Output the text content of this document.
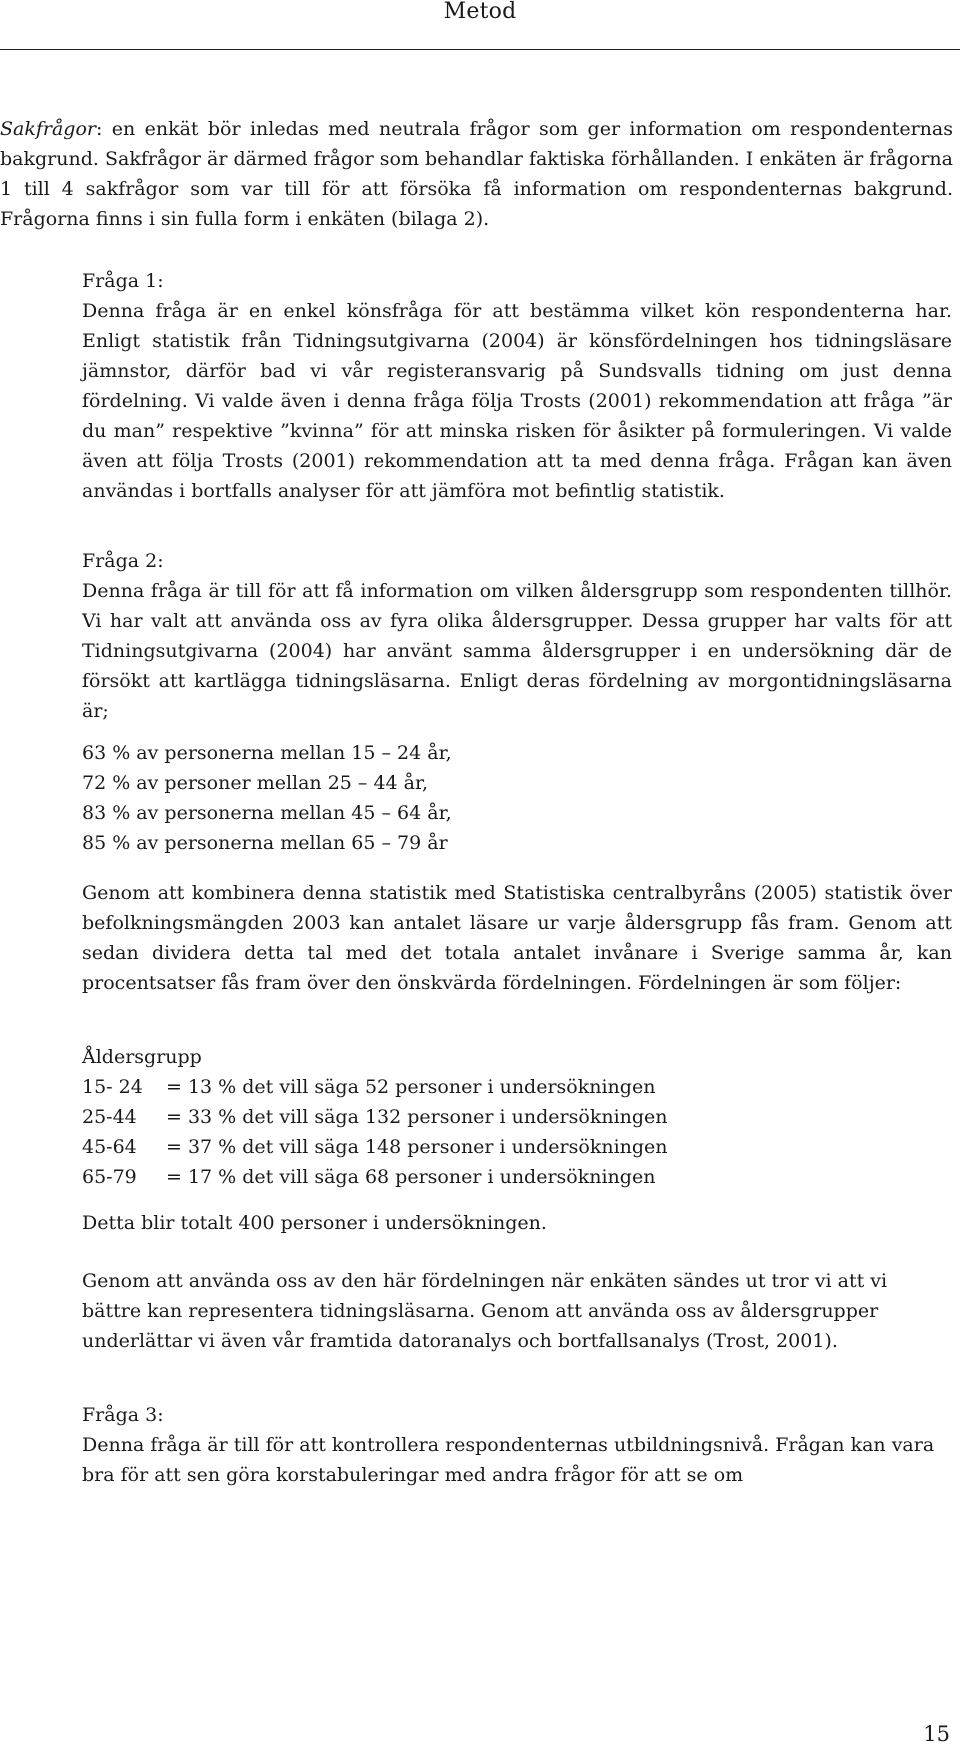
Metod

Sakfrågor: en enkät bör inledas med neutrala frågor som ger information om respondenternas bakgrund. Sakfrågor är därmed frågor som behandlar faktiska förhållanden. I enkäten är frågorna 1 till 4 sakfrågor som var till för att försöka få information om respondenternas bakgrund. Frågorna finns i sin fulla form i enkäten (bilaga 2).

Fråga 1:

Denna fråga är en enkel könsfråga för att bestämma vilket kön respondenterna har. Enligt statistik från Tidningsutgivarna (2004) är könsfördelningen hos tidningsläsare jämnstor, därför bad vi vår registeransvarig på Sundsvalls tidning om just denna fördelning. Vi valde även i denna fråga följa Trosts (2001) rekommendation att fråga ”är du man” respektive ”kvinna” för att minska risken för åsikter på formuleringen. Vi valde även att följa Trosts (2001) rekommendation att ta med denna fråga. Frågan kan även användas i bortfalls analyser för att jämföra mot befintlig statistik.

Fråga 2:

Denna fråga är till för att få information om vilken åldersgrupp som respondenten tillhör. Vi har valt att använda oss av fyra olika åldersgrupper. Dessa grupper har valts för att Tidningsutgivarna (2004) har använt samma åldersgrupper i en undersökning där de försökt att kartlägga tidningsläsarna. Enligt deras fördelning av morgontidningsläsarna är;

63 % av personerna mellan 15 – 24 år,
72 % av personer mellan 25 – 44 år,
83 % av personerna mellan 45 – 64 år,
85 % av personerna mellan 65 – 79 år

Genom att kombinera denna statistik med Statistiska centralbyråns (2005) statistik över befolkningsmängden 2003 kan antalet läsare ur varje åldersgrupp fås fram. Genom att sedan dividera detta tal med det totala antalet invånare i Sverige samma år, kan procentsatser fås fram över den önskvärda fördelningen. Fördelningen är som följer:

Åldersgrupp

15- 24	= 13 % det vill säga 52 personer i undersökningen
25-44	= 33 % det vill säga 132 personer i undersökningen
45-64	= 37 % det vill säga 148 personer i undersökningen
65-79	= 17 % det vill säga 68 personer i undersökningen

Detta blir totalt 400 personer i undersökningen.

Genom att använda oss av den här fördelningen när enkäten sändes ut tror vi att vi bättre kan representera tidningsläsarna. Genom att använda oss av åldersgrupper underlättar vi även vår framtida datoranalys och bortfallsanalys (Trost, 2001).

Fråga 3:

Denna fråga är till för att kontrollera respondenternas utbildningsnivå. Frågan kan vara bra för att sen göra korstabuleringar med andra frågor för att se om

15
